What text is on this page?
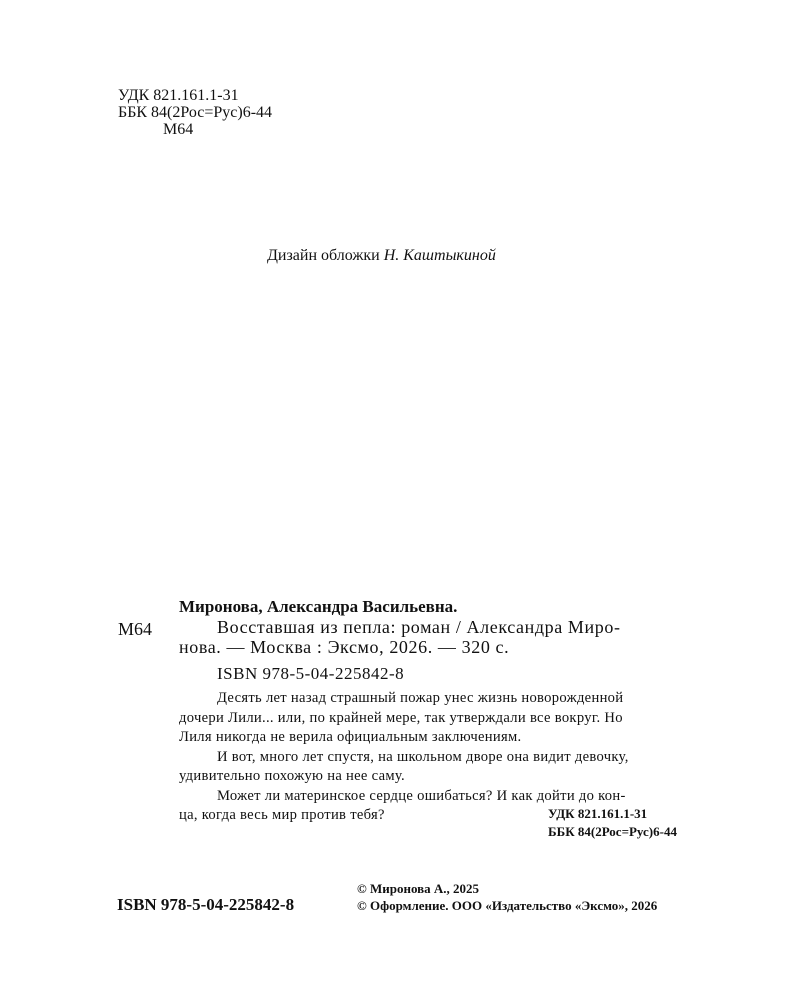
УДК 821.161.1-31
ББК 84(2Рос=Рус)6-44
М64
Дизайн обложки Н. Каштыкиной
Миронова, Александра Васильевна.
М64	Восставшая из пепла: роман / Александра Миро-
нова. — Москва : Эксмо, 2026. — 320 с.
ISBN 978-5-04-225842-8

Десять лет назад страшный пожар унес жизнь новорожденной

дочери Лили... или, по крайней мере, так утверждали все вокруг. Но
Лиля никогда не верила официальным заключениям.

И вот, много лет спустя, на школьном дворе она видит девочку,

удивительно похожую на нее саму.

Может ли материнское сердце ошибаться? И как дойти до кон-

ца, когда весь мир против тебя?	УДК 821.161.1-31
ББК 84(2Рос=Рус)6-44
ISBN 978-5-04-225842-8
© Миронова А., 2025
© Оформление. ООО «Издательство «Эксмо», 2026
